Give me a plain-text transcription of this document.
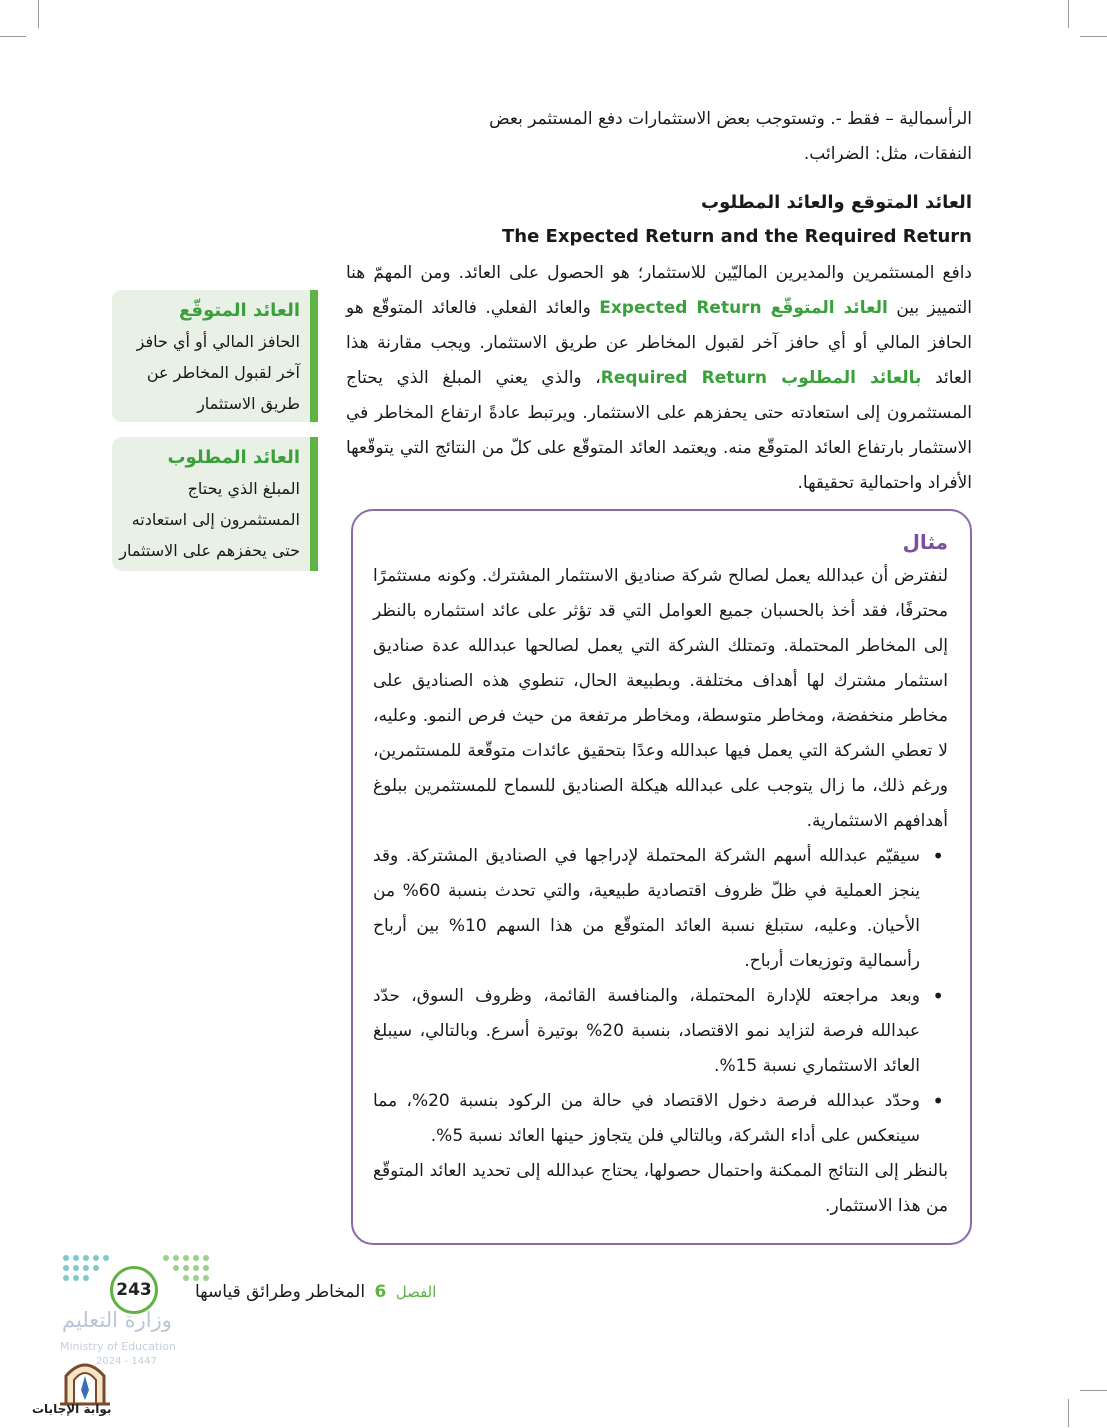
الرأسمالية – فقط -. وتستوجب بعض الاستثمارات دفع المستثمر بعض

النفقات، مثل: الضرائب.

العائد المتوقع والعائد المطلوب
The Expected Return and the Required Return

دافع المستثمرين والمديرين الماليّين للاستثمار؛ هو الحصول على العائد. ومن المهمّ هنا التمييز بين العائد المتوقّع Expected Return والعائد الفعلي. فالعائد المتوقّع هو الحافز المالي أو أي حافز آخر لقبول المخاطر عن طريق الاستثمار. ويجب مقارنة هذا العائد بالعائد المطلوب Required Return، والذي يعني المبلغ الذي يحتاج المستثمرون إلى استعادته حتى يحفزهم على الاستثمار. ويرتبط عادةً ارتفاع المخاطر في الاستثمار بارتفاع العائد المتوقّع منه. ويعتمد العائد المتوقّع على كلّ من النتائج التي يتوقّعها الأفراد واحتمالية تحقيقها.

العائد المتوقّع

الحافز المالي أو أي حافز

آخر لقبول المخاطر عن

طريق الاستثمار

العائد المطلوب

المبلغ الذي يحتاج

المستثمرون إلى استعادته

حتى يحفزهم على الاستثمار	مثال

لنفترض أن عبدالله يعمل لصالح شركة صناديق الاستثمار المشترك. وكونه مستثمرًا محترفًا، فقد أخذ بالحسبان جميع العوامل التي قد تؤثر على عائد استثماره بالنظر إلى المخاطر المحتملة. وتمتلك الشركة التي يعمل لصالحها عبدالله عدة صناديق استثمار مشترك لها أهداف مختلفة. وبطبيعة الحال، تنطوي هذه الصناديق على مخاطر منخفضة، ومخاطر متوسطة، ومخاطر مرتفعة من حيث فرص النمو. وعليه، لا تعطي الشركة التي يعمل فيها عبدالله وعدًا بتحقيق عائدات متوقّعة للمستثمرين، ورغم ذلك، ما زال يتوجب على عبدالله هيكلة الصناديق للسماح للمستثمرين ببلوغ أهدافهم الاستثمارية.

• سيقيّم عبدالله أسهم الشركة المحتملة لإدراجها في الصناديق المشتركة. وقد ينجز العملية في ظلّ ظروف اقتصادية طبيعية، والتي تحدث بنسبة 60% من الأحيان. وعليه، ستبلغ نسبة العائد المتوقّع من هذا السهم 10% بين أرباح رأسمالية وتوزيعات أرباح.
• وبعد مراجعته للإدارة المحتملة، والمنافسة القائمة، وظروف السوق، حدّد عبدالله فرصة لتزايد نمو الاقتصاد، بنسبة 20% بوتيرة أسرع. وبالتالي، سيبلغ العائد الاستثماري نسبة 15%.
• وحدّد عبدالله فرصة دخول الاقتصاد في حالة من الركود بنسبة 20%، مما سينعكس على أداء الشركة، وبالتالي فلن يتجاوز حينها العائد نسبة 5%.

بالنظر إلى النتائج الممكنة واحتمال حصولها، يحتاج عبدالله إلى تحديد العائد المتوقّع من هذا الاستثمار.

243	الفصل 6 المخاطر وطرائق قياسها
وزارة التعليم
Ministry of Education
2024 - 1447
بوابة الإجابات
